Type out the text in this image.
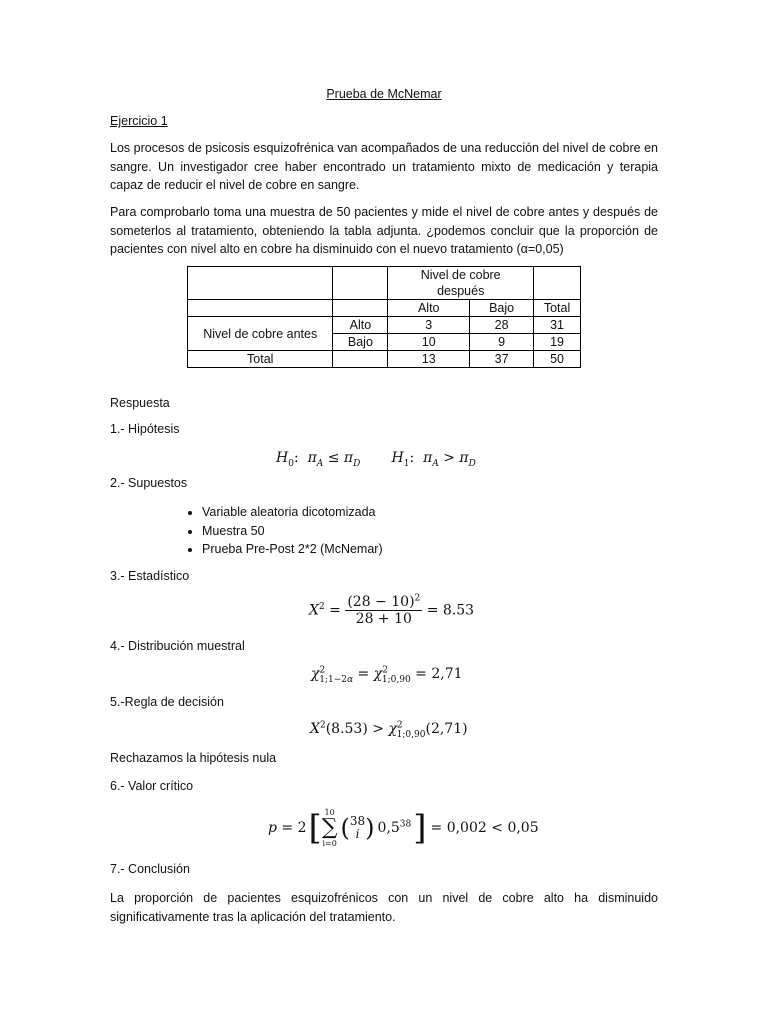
Prueba de McNemar
Ejercicio 1
Los procesos de psicosis esquizofrénica van acompañados de una reducción del nivel de cobre en sangre. Un investigador cree haber encontrado un tratamiento mixto de medicación y terapia capaz de reducir el nivel de cobre en sangre.
Para comprobarlo toma una muestra de 50 pacientes y mide el nivel de cobre antes y después de someterlos al tratamiento, obteniendo la tabla adjunta. ¿podemos concluir que la proporción de pacientes con nivel alto en cobre ha disminuido con el nuevo tratamiento (α=0,05)
		Nivel de cobre después		

		Alto	Bajo	Total
Nivel de cobre antes	Alto	3	28	31
	Bajo	10	9	19
Total		13	37	50
Respuesta
1.- Hipótesis
$H_0$:  $\pi_A \le \pi_D$ $H_1$:  $\pi_A > \pi_D$
2.- Supuestos
• Variable aleatoria dicotomizada
• Muestra 50
• Prueba Pre-Post 2*2 (McNemar)
3.- Estadístico
$X^2 = \frac{(28 - 10)^2}{28 + 10} = 8.53$
4.- Distribución muestral
$\chi^2_{1;1-2\alpha} = \chi^2_{1;0,90} = 2,71$
5.-Regla de decisión
$X^2(8.53) > \chi^2_{1;0,90}(2,71)$
Rechazamos la hipótesis nula
6.- Valor crítico
p = 2 [ 10
∑
i=0
( 38
i ) $0,5^{38}$ ] = 0,002 < 0,05
7.- Conclusión
La proporción de pacientes esquizofrénicos con un nivel de cobre alto ha disminuido significativamente tras la aplicación del tratamiento.
